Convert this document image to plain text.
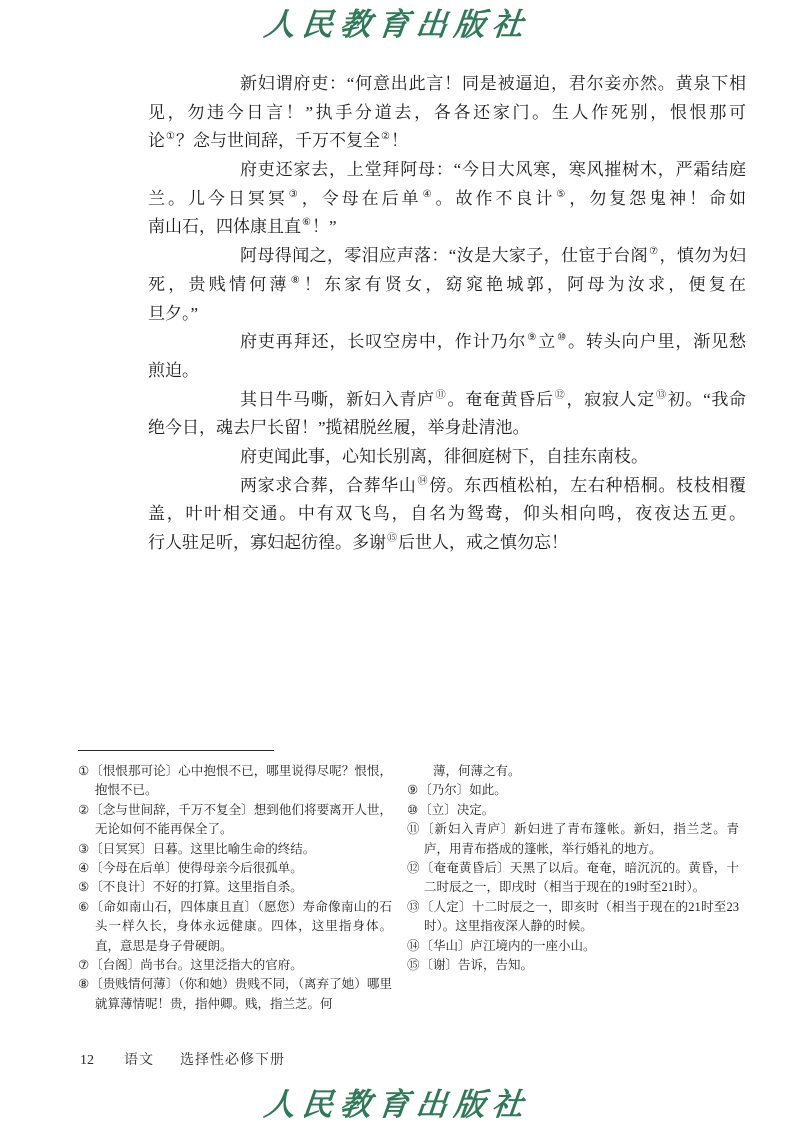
人民教育出版社
新妇谓府吏：“何意出此言！同是被逼迫，君尔妾亦然。黄泉下相
见，勿违今日言！”执手分道去，各各还家门。生人作死别，恨恨那可
论①？念与世间辞，千万不复全②！
府吏还家去，上堂拜阿母：“今日大风寒，寒风摧树木，严霜结庭
兰。儿今日冥冥③，令母在后单④。故作不良计⑤，勿复怨鬼神！命如
南山石，四体康且直⑥！”
阿母得闻之，零泪应声落：“汝是大家子，仕宦于台阁⑦，慎勿为妇
死，贵贱情何薄⑧！东家有贤女，窈窕艳城郭，阿母为汝求，便复在
旦夕。”
府吏再拜还，长叹空房中，作计乃尔⑨立⑩。转头向户里，渐见愁
煎迫。
其日牛马嘶，新妇入青庐⑪。奄奄黄昏后⑫，寂寂人定⑬初。“我命
绝今日，魂去尸长留！”揽裙脱丝履，举身赴清池。
府吏闻此事，心知长别离，徘徊庭树下，自挂东南枝。
两家求合葬，合葬华山⑭傍。东西植松柏，左右种梧桐。枝枝相覆
盖，叶叶相交通。中有双飞鸟，自名为鸳鸯，仰头相向鸣，夜夜达五更。
行人驻足听，寡妇起彷徨。多谢⑮后世人，戒之慎勿忘！
①〔恨恨那可论〕心中抱恨不已，哪里说得尽呢？恨恨，抱恨不已。
②〔念与世间辞，千万不复全〕想到他们将要离开人世，无论如何不能再保全了。
③〔日冥冥〕日暮。这里比喻生命的终结。
④〔今母在后单〕使得母亲今后很孤单。
⑤〔不良计〕不好的打算。这里指自杀。
⑥〔命如南山石，四体康且直〕（愿您）寿命像南山的石头一样久长，身体永远健康。四体，这里指身体。直，意思是身子骨硬朗。
⑦〔台阁〕尚书台。这里泛指大的官府。
⑧〔贵贱情何薄〕（你和她）贵贱不同，（离弃了她）哪里就算薄情呢！贵，指仲卿。贱，指兰芝。何
薄，何薄之有。
⑨〔乃尔〕如此。
⑩〔立〕决定。
⑪〔新妇入青庐〕新妇进了青布篷帐。新妇，指兰芝。青庐，用青布搭成的篷帐，举行婚礼的地方。
⑫〔奄奄黄昏后〕天黑了以后。奄奄，暗沉沉的。黄昏，十二时辰之一，即戌时（相当于现在的19时至21时）。
⑬〔人定〕十二时辰之一，即亥时（相当于现在的21时至23时）。这里指夜深人静的时候。
⑭〔华山〕庐江境内的一座小山。
⑮〔谢〕告诉，告知。
12 语文 选择性必修下册
人民教育出版社
